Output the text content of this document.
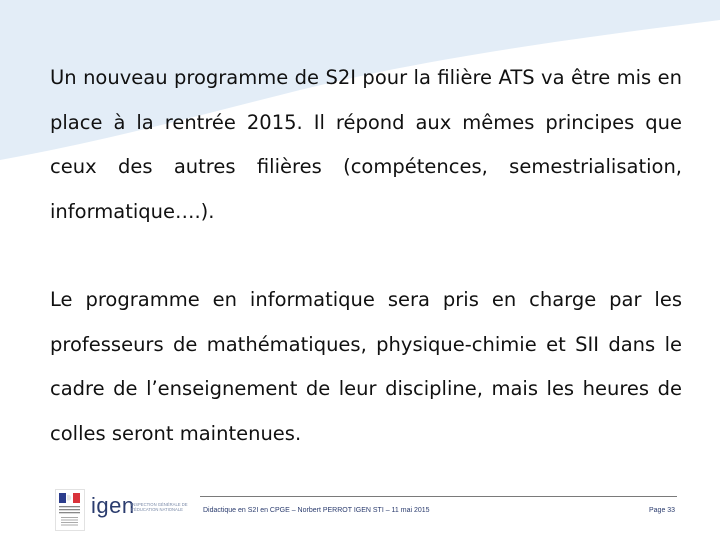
Un nouveau programme de S2I pour la filière ATS va être mis en place à la rentrée 2015. Il répond aux mêmes principes que ceux des autres filières (compétences, semestrialisation, informatique….).

Le programme en informatique sera pris en charge par les professeurs de mathématiques, physique-chimie et SII dans le cadre de l’enseignement de leur discipline, mais les heures de colles seront maintenues.

igen
INSPECTION GÉNÉRALE DE L’ÉDUCATION NATIONALE	Didactique en S2I en CPGE – Norbert PERROT IGEN STI – 11 mai 2015	Page 33
